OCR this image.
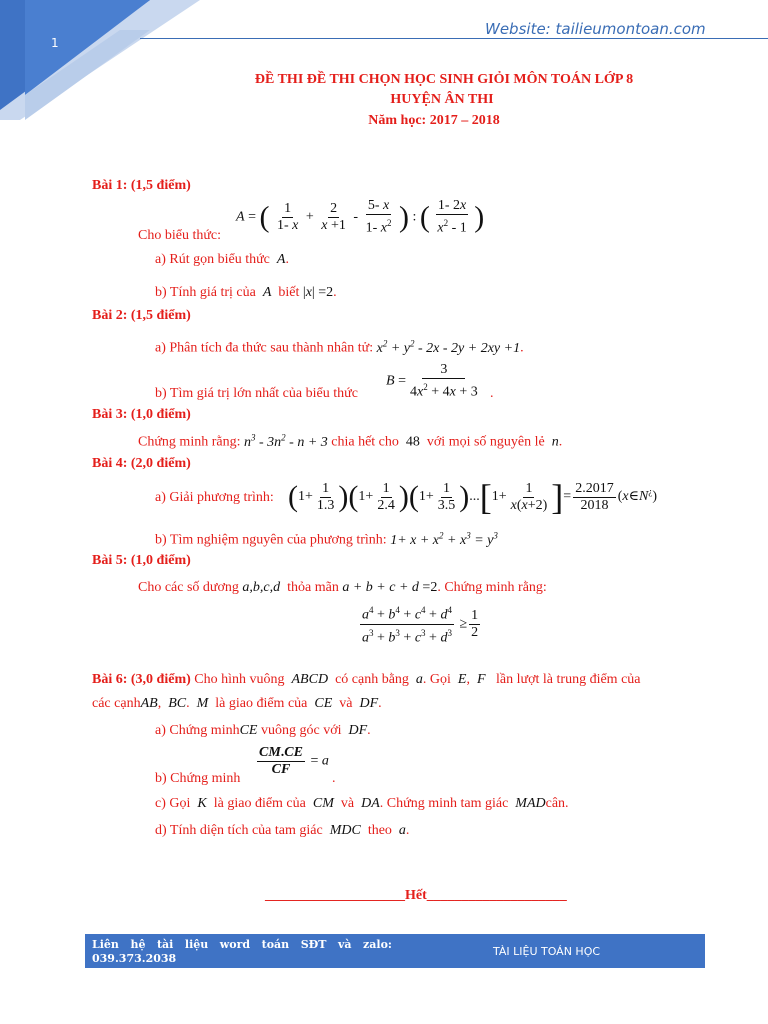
1
Website: tailieumontoan.com
ĐỀ THI ĐỀ THI CHỌN HỌC SINH GIỎI MÔN TOÁN LỚP 8
HUYỆN ÂN THI
Năm học: 2017 – 2018
Bài 1: (1,5 điểm)
A = ( $\frac{1}{1- x} + \frac{2}{x +1} - \frac{5- x}{1- x^2}$ ) : ( $\frac{1- 2x}{x^2 - 1}$ )
Cho biểu thức:
a) Rút gọn biểu thức  A.
b) Tính giá trị của  A  biết |x| =2.
Bài 2: (1,5 điểm)
a) Phân tích đa thức sau thành nhân tử: $x^2 + y^2 - 2x - 2y + 2xy +1$.
$B = \frac{3}{4x^2 + 4x + 3}$
b) Tìm giá trị lớn nhất của biểu thức	.
Bài 3: (1,0 điểm)
Chứng minh rằng: $n^3 - 3n^2 - n + 3$ chia hết cho  48  với mọi số nguyên lẻ  n.
Bài 4: (2,0 điểm)
a) Giải phương trình: $(1+ \frac{1}{1.3} )(1+ \frac{1}{2.4} )(1+ \frac{1}{3.5} )...[1+ \frac{1}{x(x+2)}$ ]= $\frac{2.2017}{2018}$ (x∈N¿)
b) Tìm nghiệm nguyên của phương trình: $1+ x + x^2 + x^3 = y^3$
Bài 5: (1,0 điểm)
Cho các số dương a,b,c,d thỏa mãn a + b + c + d =2. Chứng minh rằng:
$\frac{a^4 + b^4 + c^4 + d^4}{a^3 + b^3 + c^3 + d^3} \ge \frac{1}{2}$
Bài 6: (3,0 điểm) Cho hình vuông  ABCD  có cạnh bằng  a. Gọi  E,  F   lần lượt là trung điểm của
các cạnhAB,  BC.  M  là giao điểm của  CE  và  DF.
a) Chứng minhCE vuông góc với  DF.
$\frac{CM.CE}{CF} = a$
b) Chứng minh	.
c) Gọi  K  là giao điểm của  CM  và  DA. Chứng minh tam giác  MADcân.
d) Tính diện tích của tam giác  MDC  theo  a.
____________________Hết____________________
Liên hệ tài liệu word toán SĐT và zalo: 039.373.2038
TÀI LIỆU TOÁN HỌC
